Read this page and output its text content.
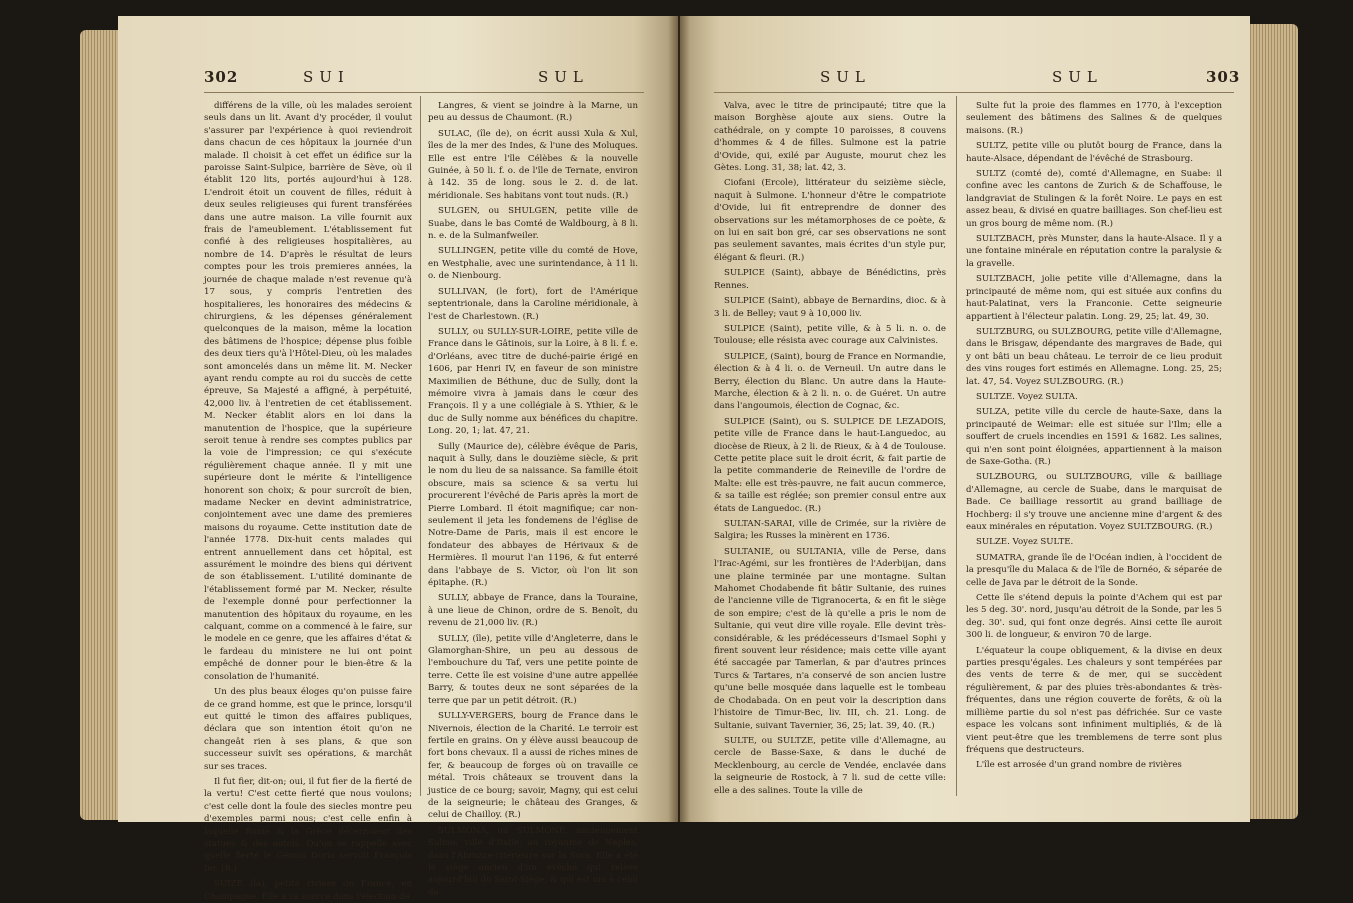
302	SUI	SUL

différens de la ville, où les malades seroient seuls dans un lit. Avant d'y procéder, il voulut s'assurer par l'expérience à quoi reviendroit dans chacun de ces hôpitaux la journée d'un malade. Il choisit à cet effet un édifice sur la paroisse Saint-Sulpice, barrière de Sève, où il établit 120 lits, portés aujourd'hui à 128. L'endroit étoit un couvent de filles, réduit à deux seules religieuses qui furent transférées dans une autre maison. La ville fournit aux frais de l'ameublement. L'établissement fut confié à des religieuses hospitalières, au nombre de 14. D'après le résultat de leurs comptes pour les trois premieres années, la journée de chaque malade n'est revenue qu'à 17 sous, y compris l'entretien des hospitalieres, les honoraires des médecins & chirurgiens, & les dépenses généralement quelconques de la maison, même la location des bâtimens de l'hospice; dépense plus foible des deux tiers qu'à l'Hôtel-Dieu, où les malades sont amoncelés dans un même lit. M. Necker ayant rendu compte au roi du succès de cette épreuve, Sa Majesté a affigné, à perpétuité, 42,000 liv. à l'entretien de cet établissement. M. Necker établit alors en loi dans la manutention de l'hospice, que la supérieure seroit tenue à rendre ses comptes publics par la voie de l'impression; ce qui s'exécute régulièrement chaque année. Il y mit une supérieure dont le mérite & l'intelligence honorent son choix; & pour surcroît de bien, madame Necker en devint administratrice, conjointement avec une dame des premieres maisons du royaume. Cette institution date de l'année 1778. Dix-huit cents malades qui entrent annuellement dans cet hôpital, est assurément le moindre des biens qui dérivent de son établissement. L'utilité dominante de l'établissement formé par M. Necker, résulte de l'exemple donné pour perfectionner la manutention des hôpitaux du royaume, en les calquant, comme on a commencé à le faire, sur le modele en ce genre, que les affaires d'état & le fardeau du ministere ne lui ont point empêché de donner pour le bien-être & la consolation de l'humanité.

Un des plus beaux éloges qu'on puisse faire de ce grand homme, est que le prince, lorsqu'il eut quitté le timon des affaires publiques, déclara que son intention étoit qu'on ne changeât rien à ses plans, & que son successeur suivît ses opérations, & marchât sur ses traces.

Il fut fier, dit-on; oui, il fut fier de la fierté de la vertu! C'est cette fierté que nous voulons; c'est celle dont la foule des siecles montre peu d'exemples parmi nous; c'est celle enfin à laquelle Rome & la Grèce décernoient des statues & des autels. Qu'on se rappelle avec quelle fierté le Génois Doria servoit François Ier. (R.)

SUIZE (la), petite rivière de France, en Champagne. Elle a sa source dans l'élection de

Langres, & vient se joindre à la Marne, un peu au dessus de Chaumont. (R.)

SULAC, (île de), on écrit aussi Xula & Xul, îles de la mer des Indes, & l'une des Moluques. Elle est entre l'île Célèbes & la nouvelle Guinée, à 50 li. f. o. de l'île de Ternate, environ à 142. 35 de long. sous le 2. d. de lat. méridionale. Ses habitans vont tout nuds. (R.)

SULGEN, ou SHULGEN, petite ville de Suabe, dans le bas Comté de Waldbourg, à 8 li. n. e. de la Sulmanfweiler.

SULLINGEN, petite ville du comté de Hove, en Westphalie, avec une surintendance, à 11 li. o. de Nienbourg.

SULLIVAN, (le fort), fort de l'Amérique septentrionale, dans la Caroline méridionale, à l'est de Charlestown. (R.)

SULLY, ou SULLY-SUR-LOIRE, petite ville de France dans le Gâtinois, sur la Loire, à 8 li. f. e. d'Orléans, avec titre de duché-pairie érigé en 1606, par Henri IV, en faveur de son ministre Maximilien de Béthune, duc de Sully, dont la mémoire vivra à jamais dans le cœur des François. Il y a une collégiale à S. Ythier, & le duc de Sully nomme aux bénéfices du chapitre. Long. 20, 1; lat. 47, 21.

Sully (Maurice de), célèbre évêque de Paris, naquit à Sully, dans le douzième siècle, & prit le nom du lieu de sa naissance. Sa famille étoit obscure, mais sa science & sa vertu lui procurerent l'évêché de Paris après la mort de Pierre Lombard. Il étoit magnifique; car non-seulement il jeta les fondemens de l'église de Notre-Dame de Paris, mais il est encore le fondateur des abbayes de Hérivaux & de Hermières. Il mourut l'an 1196, & fut enterré dans l'abbaye de S. Victor, où l'on lit son épitaphe. (R.)

SULLY, abbaye de France, dans la Touraine, à une lieue de Chinon, ordre de S. Benoît, du revenu de 21,000 liv. (R.)

SULLY, (île), petite ville d'Angleterre, dans le Glamorghan-Shire, un peu au dessous de l'embouchure du Taf, vers une petite pointe de terre. Cette île est voisine d'une autre appellée Barry, & toutes deux ne sont séparées de la terre que par un petit détroit. (R.)

SULLY-VERGERS, bourg de France dans le Nivernois, élection de la Charité. Le terroir est fertile en grains. On y élève aussi beaucoup de fort bons chevaux. Il a aussi de riches mines de fer, & beaucoup de forges où on travaille ce métal. Trois châteaux se trouvent dans la justice de ce bourg; savoir, Magny, qui est celui de la seigneurie; le château des Granges, & celui de Chailloy. (R.)

SULMONA, ou SULMONE, anciennement Sulmo; ville d'Italie, au royaume de Naples, dans l'Abruzze-citérieure sur la Sora. Elle a été le siège ancien d'un évêché qui relève aujourd'hui du Saint-Siège, & qui est uni à celui de

SUL	SUL	303

Valva, avec le titre de principauté; titre que la maison Borghèse ajoute aux siens. Outre la cathédrale, on y compte 10 paroisses, 8 couvens d'hommes & 4 de filles. Sulmone est la patrie d'Ovide, qui, exilé par Auguste, mourut chez les Gètes. Long. 31, 38; lat. 42, 3.

Ciofani (Ercole), littérateur du seizième siècle, naquit à Sulmone. L'honneur d'être le compatriote d'Ovide, lui fit entreprendre de donner des observations sur les métamorphoses de ce poète, & on lui en sait bon gré, car ses observations ne sont pas seulement savantes, mais écrites d'un style pur, élégant & fleuri. (R.)

SULPICE (Saint), abbaye de Bénédictins, près Rennes.

SULPICE (Saint), abbaye de Bernardins, dioc. & à 3 li. de Belley; vaut 9 à 10,000 liv.

SULPICE (Saint), petite ville, & à 5 li. n. o. de Toulouse; elle résista avec courage aux Calvinistes.

SULPICE, (Saint), bourg de France en Normandie, élection & à 4 li. o. de Verneuil. Un autre dans le Berry, élection du Blanc. Un autre dans la Haute-Marche, élection & à 2 li. n. o. de Guéret. Un autre dans l'angoumois, élection de Cognac, &c.

SULPICE (Saint), ou S. SULPICE DE LEZADOIS, petite ville de France dans le haut-Languedoc, au diocèse de Rieux, à 2 li. de Rieux, & à 4 de Toulouse. Cette petite place suit le droit écrit, & fait partie de la petite commanderie de Reineville de l'ordre de Malte: elle est très-pauvre, ne fait aucun commerce, & sa taille est réglée; son premier consul entre aux états de Languedoc. (R.)

SULTAN-SARAI, ville de Crimée, sur la rivière de Salgira; les Russes la minèrent en 1736.

SULTANIE, ou SULTANIA, ville de Perse, dans l'Irac-Agémi, sur les frontières de l'Aderbijan, dans une plaine terminée par une montagne. Sultan Mahomet Chodabende fit bâtir Sultanie, des ruines de l'ancienne ville de Tigranocerta, & en fit le siège de son empire; c'est de là qu'elle a pris le nom de Sultanie, qui veut dire ville royale. Elle devint très-considérable, & les prédécesseurs d'Ismael Sophi y firent souvent leur résidence; mais cette ville ayant été saccagée par Tamerlan, & par d'autres princes Turcs & Tartares, n'a conservé de son ancien lustre qu'une belle mosquée dans laquelle est le tombeau de Chodabada. On en peut voir la description dans l'histoire de Timur-Bec, liv. III, ch. 21. Long. de Sultanie, suivant Tavernier, 36, 25; lat. 39, 40. (R.)

SULTE, ou SULTZE, petite ville d'Allemagne, au cercle de Basse-Saxe, & dans le duché de Mecklenbourg, au cercle de Vendée, enclavée dans la seigneurie de Rostock, à 7 li. sud de cette ville: elle a des salines. Toute la ville de

Sulte fut la proie des flammes en 1770, à l'exception seulement des bâtimens des Salines & de quelques maisons. (R.)

SULTZ, petite ville ou plutôt bourg de France, dans la haute-Alsace, dépendant de l'évêché de Strasbourg.

SULTZ (comté de), comté d'Allemagne, en Suabe: il confine avec les cantons de Zurich & de Schaffouse, le landgraviat de Stulingen & la forêt Noire. Le pays en est assez beau, & divisé en quatre bailliages. Son chef-lieu est un gros bourg de même nom. (R.)

SULTZBACH, près Munster, dans la haute-Alsace. Il y a une fontaine minérale en réputation contre la paralysie & la gravelle.

SULTZBACH, jolie petite ville d'Allemagne, dans la principauté de même nom, qui est située aux confins du haut-Palatinat, vers la Franconie. Cette seigneurie appartient à l'électeur palatin. Long. 29, 25; lat. 49, 30.

SULTZBURG, ou SULZBOURG, petite ville d'Allemagne, dans le Brisgaw, dépendante des margraves de Bade, qui y ont bâti un beau château. Le terroir de ce lieu produit des vins rouges fort estimés en Allemagne. Long. 25, 25; lat. 47, 54. Voyez SULZBOURG. (R.)

SULTZE. Voyez SULTA.

SULZA, petite ville du cercle de haute-Saxe, dans la principauté de Weimar: elle est située sur l'Ilm; elle a souffert de cruels incendies en 1591 & 1682. Les salines, qui n'en sont point éloignées, appartiennent à la maison de Saxe-Gotha. (R.)

SULZBOURG, ou SULTZBOURG, ville & bailliage d'Allemagne, au cercle de Suabe, dans le marquisat de Bade. Ce bailliage ressortit au grand bailliage de Hochberg: il s'y trouve une ancienne mine d'argent & des eaux minérales en réputation. Voyez SULTZBOURG. (R.)

SULZE. Voyez SULTE.

SUMATRA, grande île de l'Océan indien, à l'occident de la presqu'île du Malaca & de l'île de Bornéo, & séparée de celle de Java par le détroit de la Sonde.

Cette île s'étend depuis la pointe d'Achem qui est par les 5 deg. 30'. nord, jusqu'au détroit de la Sonde, par les 5 deg. 30'. sud, qui font onze degrés. Ainsi cette île auroit 300 li. de longueur, & environ 70 de large.

L'équateur la coupe obliquement, & la divise en deux parties presqu'égales. Les chaleurs y sont tempérées par des vents de terre & de mer, qui se succèdent régulièrement, & par des pluies très-abondantes & très-fréquentes, dans une région couverte de forêts, & où la millième partie du sol n'est pas défrichée. Sur ce vaste espace les volcans sont infiniment multipliés, & de là vient peut-être que les tremblemens de terre sont plus fréquens que destructeurs.

L'île est arrosée d'un grand nombre de rivières
